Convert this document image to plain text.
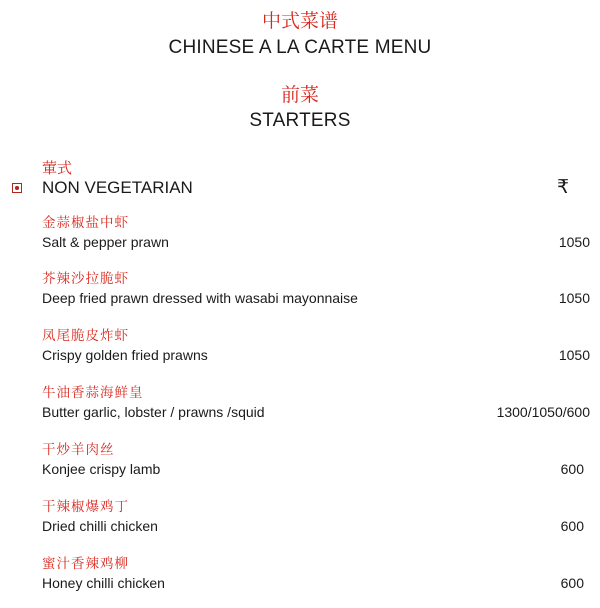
中式菜谱
CHINESE A LA CARTE MENU
前菜
STARTERS
葷式
NON VEGETARIAN	₹
金蒜椒盐中虾
Salt & pepper prawn	1050
芥辣沙拉脆虾
Deep fried prawn dressed with wasabi mayonnaise	1050
凤尾脆皮炸虾
Crispy golden fried prawns	1050
牛油香蒜海鲜皇
Butter garlic, lobster / prawns /squid	1300/1050/600
干炒羊肉丝
Konjee crispy lamb	600
干辣椒爆鸡丁
Dried chilli chicken	600
蜜汁香辣鸡柳
Honey chilli chicken	600
